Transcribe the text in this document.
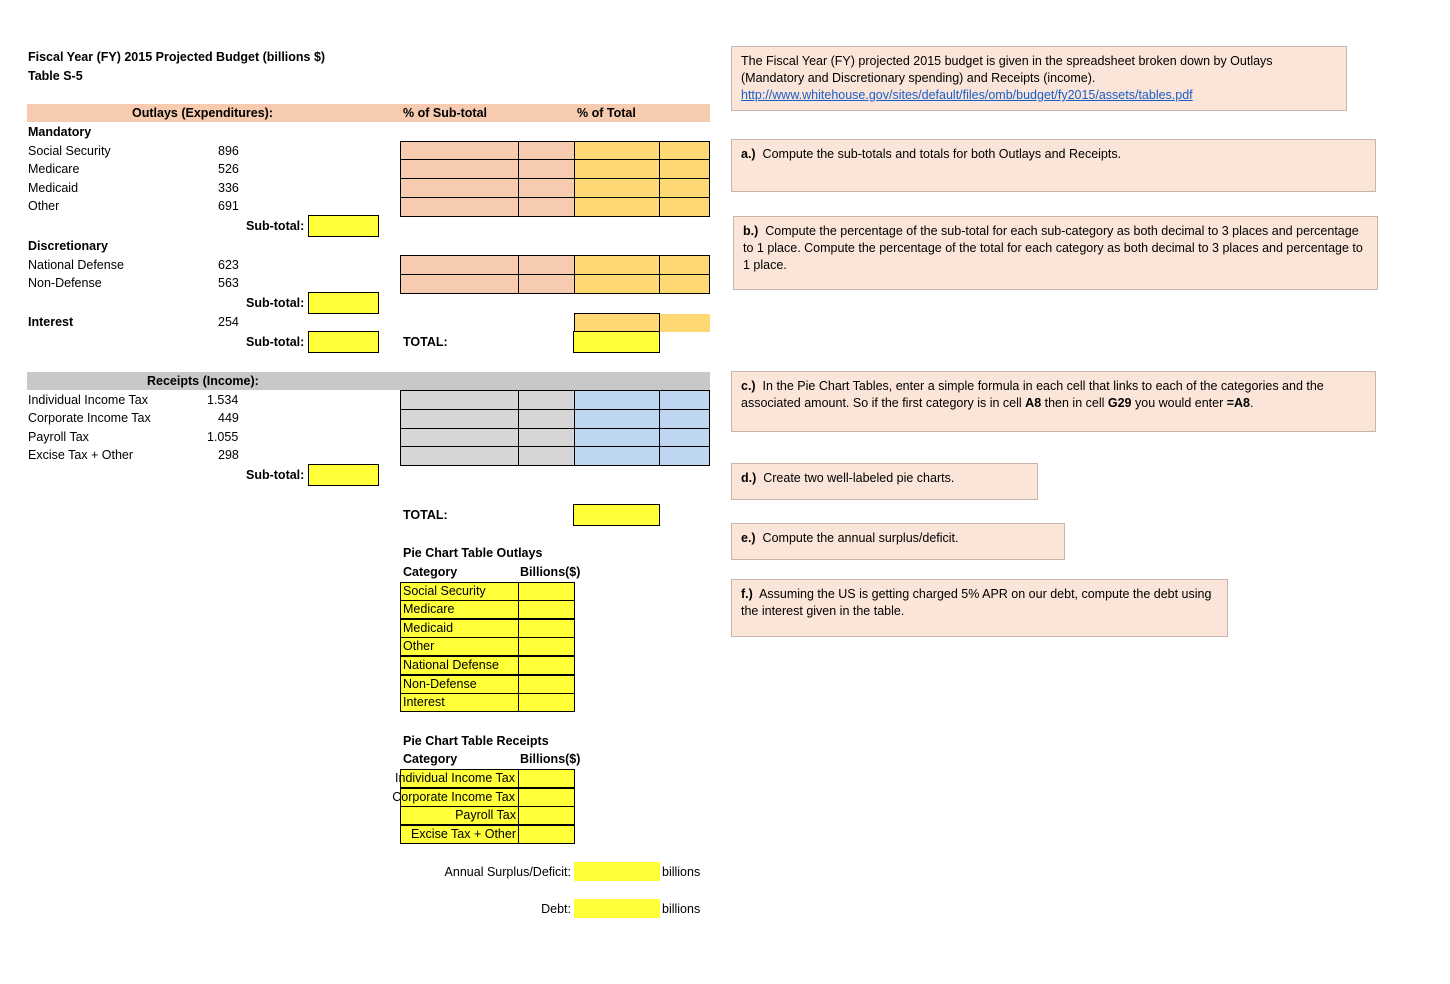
Fiscal Year (FY) 2015 Projected Budget (billions $)
Table S-5
Outlays (Expenditures):	% of Sub-total	% of Total
Mandatory
Social Security	896
Medicare	526
Medicaid	336
Other	691
Sub-total:
Discretionary
National Defense	623
Non-Defense	563
Sub-total:
Interest	254
Sub-total:	TOTAL:
Receipts (Income):
Individual Income Tax	1.534
Corporate Income Tax	449
Payroll Tax	1.055
Excise Tax + Other	298
Sub-total:
TOTAL:
Pie Chart Table Outlays
Category	Billions($)
Social Security
Medicare
Medicaid
Other
National Defense
Non-Defense
Interest
Pie Chart Table Receipts
Category	Billions($)
Individual Income Tax
Corporate Income Tax
Payroll Tax
Excise Tax + Other
Annual Surplus/Deficit:	billions
Debt:	billions
The Fiscal Year (FY) projected 2015 budget is given in the spreadsheet broken down by Outlays (Mandatory and Discretionary spending) and Receipts (income).
http://www.whitehouse.gov/sites/default/files/omb/budget/fy2015/assets/tables.pdf
a.) Compute the sub-totals and totals for both Outlays and Receipts.
b.) Compute the percentage of the sub-total for each sub-category as both decimal to 3 places and percentage to 1 place. Compute the percentage of the total for each category as both decimal to 3 places and percentage to 1 place.
c.) In the Pie Chart Tables, enter a simple formula in each cell that links to each of the categories and the associated amount. So if the first category is in cell A8 then in cell G29 you would enter =A8.
d.) Create two well-labeled pie charts.
e.) Compute the annual surplus/deficit.
f.) Assuming the US is getting charged 5% APR on our debt, compute the debt using the interest given in the table.
